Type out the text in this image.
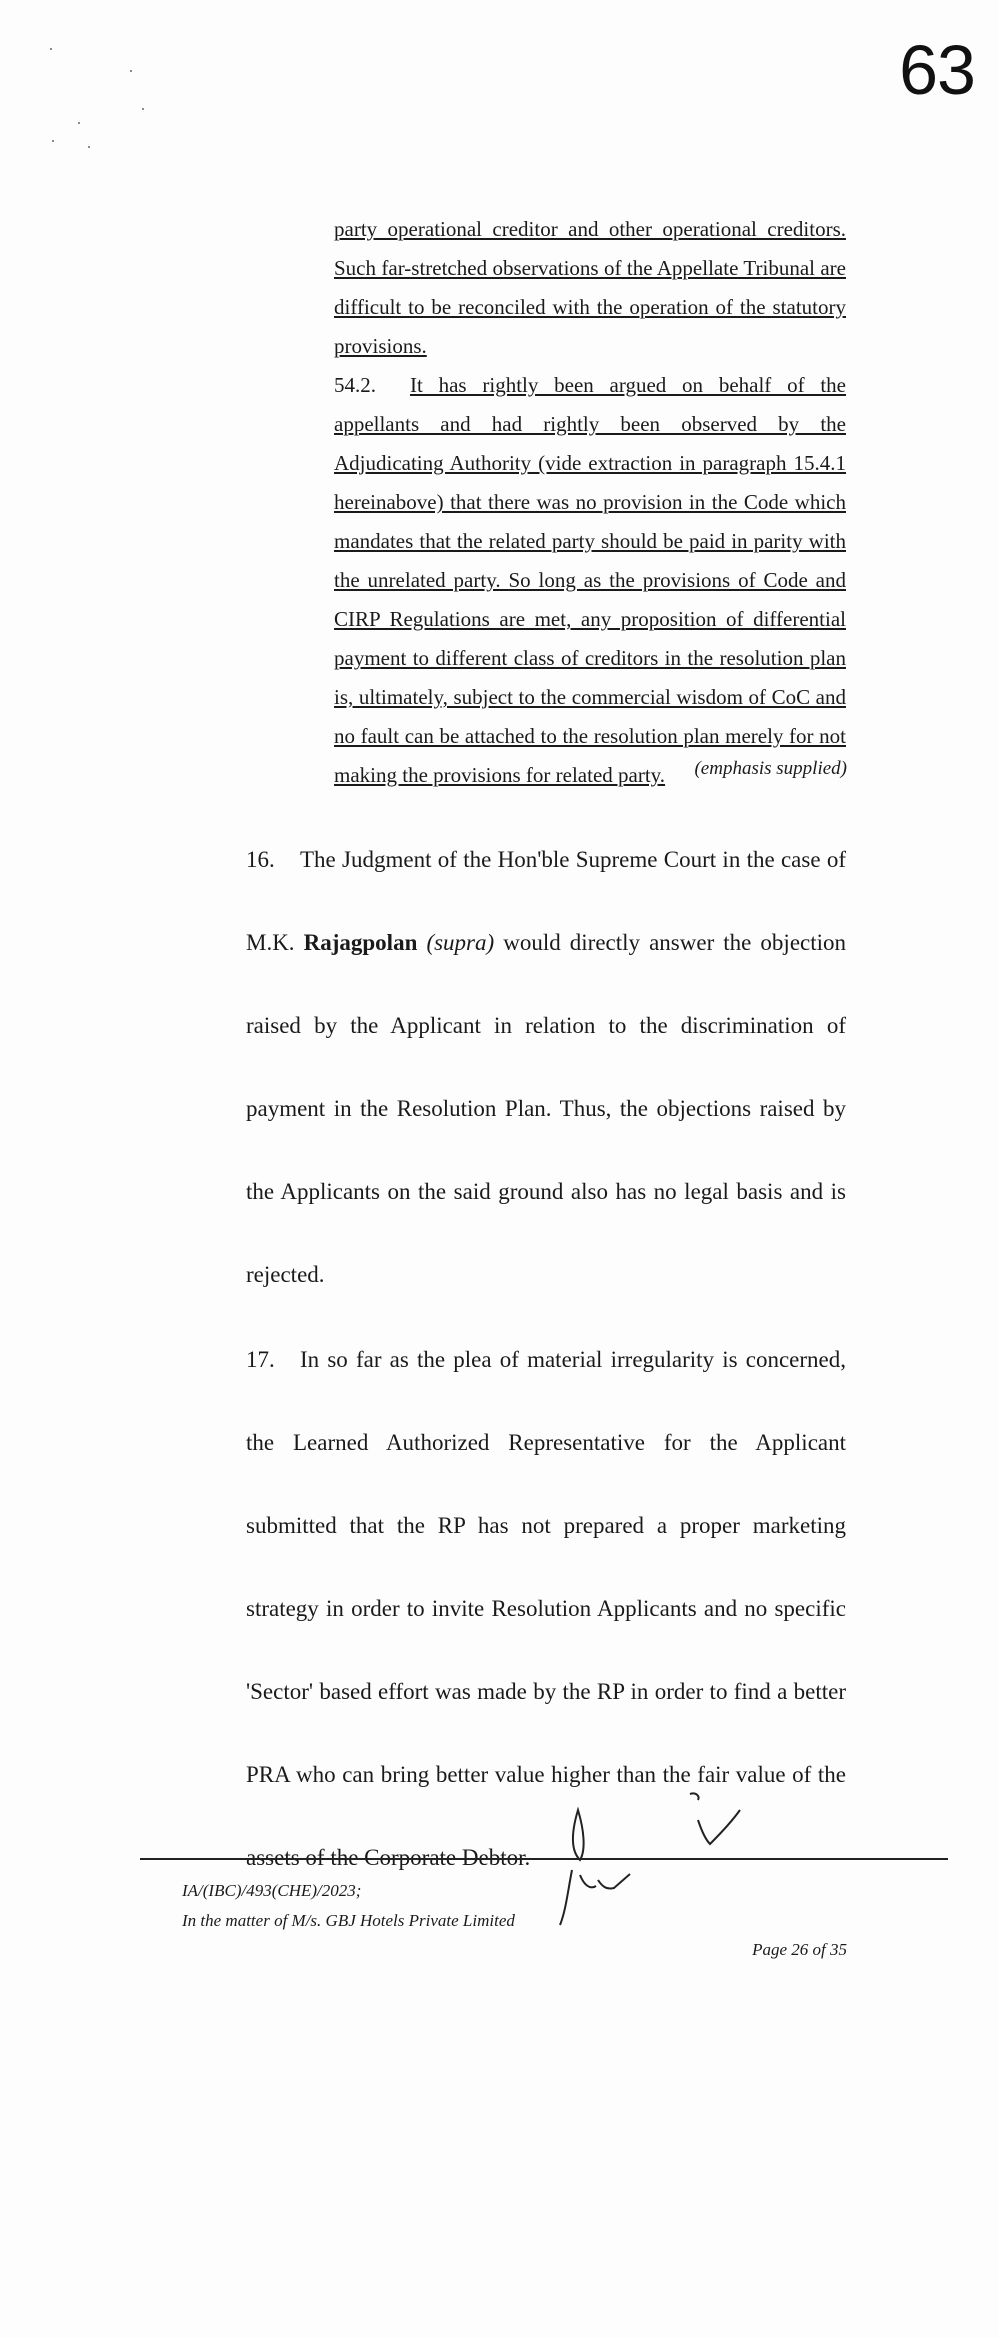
63
party operational creditor and other operational creditors. Such far-stretched observations of the Appellate Tribunal are difficult to be reconciled with the operation of the statutory provisions.
54.2. It has rightly been argued on behalf of the appellants and had rightly been observed by the Adjudicating Authority (vide extraction in paragraph 15.4.1 hereinabove) that there was no provision in the Code which mandates that the related party should be paid in parity with the unrelated party. So long as the provisions of Code and CIRP Regulations are met, any proposition of differential payment to different class of creditors in the resolution plan is, ultimately, subject to the commercial wisdom of CoC and no fault can be attached to the resolution plan merely for not making the provisions for related party.	(emphasis supplied)
16. The Judgment of the Hon'ble Supreme Court in the case of M.K. Rajagpolan (supra) would directly answer the objection raised by the Applicant in relation to the discrimination of payment in the Resolution Plan. Thus, the objections raised by the Applicants on the said ground also has no legal basis and is rejected.
17. In so far as the plea of material irregularity is concerned, the Learned Authorized Representative for the Applicant submitted that the RP has not prepared a proper marketing strategy in order to invite Resolution Applicants and no specific 'Sector' based effort was made by the RP in order to find a better PRA who can bring better value higher than the fair value of the assets of the Corporate Debtor.
IA/(IBC)/493(CHE)/2023;
In the matter of M/s. GBJ Hotels Private Limited
Page 26 of 35
